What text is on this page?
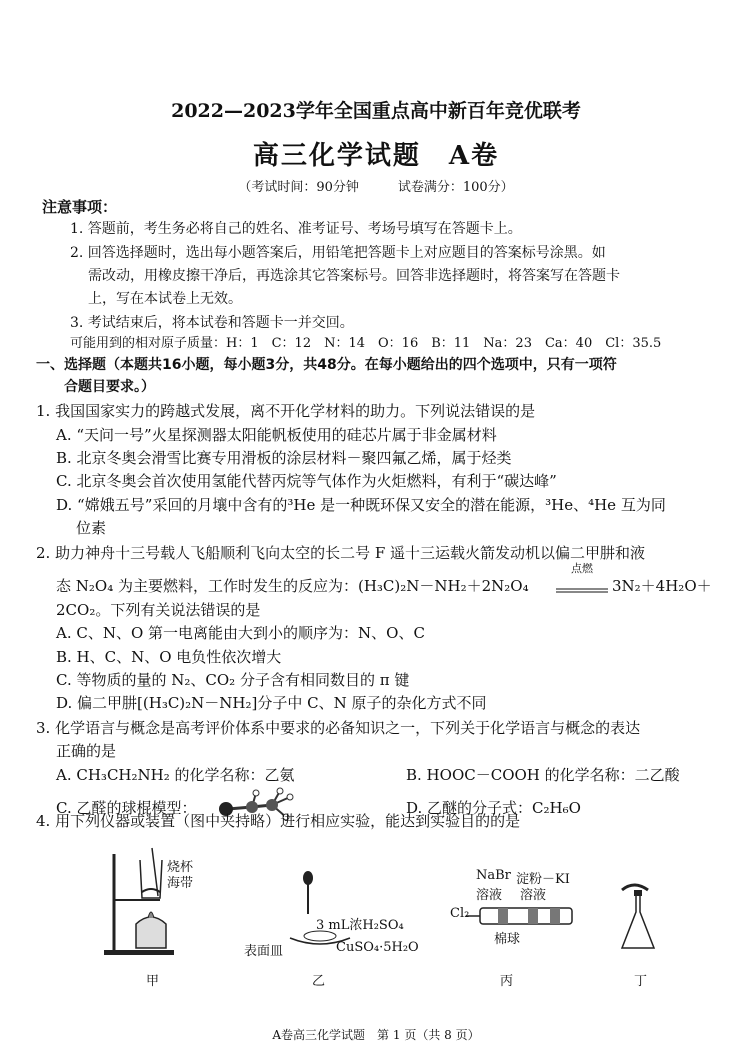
2022—2023学年全国重点高中新百年竞优联考
高三化学试题　A卷
（考试时间：90分钟　　　试卷满分：100分）
注意事项：
1. 答题前，考生务必将自己的姓名、准考证号、考场号填写在答题卡上。
2. 回答选择题时，选出每小题答案后，用铅笔把答题卡上对应题目的答案标号涂黑。如
需改动，用橡皮擦干净后，再选涂其它答案标号。回答非选择题时，将答案写在答题卡
上，写在本试卷上无效。
3. 考试结束后，将本试卷和答题卡一并交回。
可能用到的相对原子质量：H：1　C：12　N：14　O：16　B：11　Na：23　Ca：40　Cl：35.5
一、选择题（本题共16小题，每小题3分，共48分。在每小题给出的四个选项中，只有一项符
合题目要求。）
1. 我国国家实力的跨越式发展，离不开化学材料的助力。下列说法错误的是
A. “天问一号”火星探测器太阳能帆板使用的硅芯片属于非金属材料
B. 北京冬奥会滑雪比赛专用滑板的涂层材料－聚四氟乙烯，属于烃类
C. 北京冬奥会首次使用氢能代替丙烷等气体作为火炬燃料，有利于“碳达峰”
D. “嫦娥五号”采回的月壤中含有的³He 是一种既环保又安全的潜在能源，³He、⁴He 互为同
位素
2. 助力神舟十三号载人飞船顺利飞向太空的长二号 F 遥十三运载火箭发动机以偏二甲肼和液
态 N₂O₄ 为主要燃料，工作时发生的反应为：(H₃C)₂N－NH₂＋2N₂O₄
点燃
3N₂＋4H₂O＋
2CO₂。下列有关说法错误的是
A. C、N、O 第一电离能由大到小的顺序为：N、O、C
B. H、C、N、O 电负性依次增大
C. 等物质的量的 N₂、CO₂ 分子含有相同数目的 π 键
D. 偏二甲肼[(H₃C)₂N－NH₂]分子中 C、N 原子的杂化方式不同
3. 化学语言与概念是高考评价体系中要求的必备知识之一，下列关于化学语言与概念的表达
正确的是
A. CH₃CH₂NH₂ 的化学名称：乙氨	B. HOOC－COOH 的化学名称：二乙酸
C. 乙醛的球棍模型：	D. 乙醚的分子式：C₂H₆O
4. 用下列仪器或装置（图中夹持略）进行相应实验，能达到实验目的的是
烧杯
海带
甲
3 mL浓H₂SO₄
表面皿	CuSO₄·5H₂O
乙
Cl₂
NaBr
溶液
淀粉－KI
溶液
棉球
丙	丁
A卷高三化学试题　第 1 页（共 8 页）
